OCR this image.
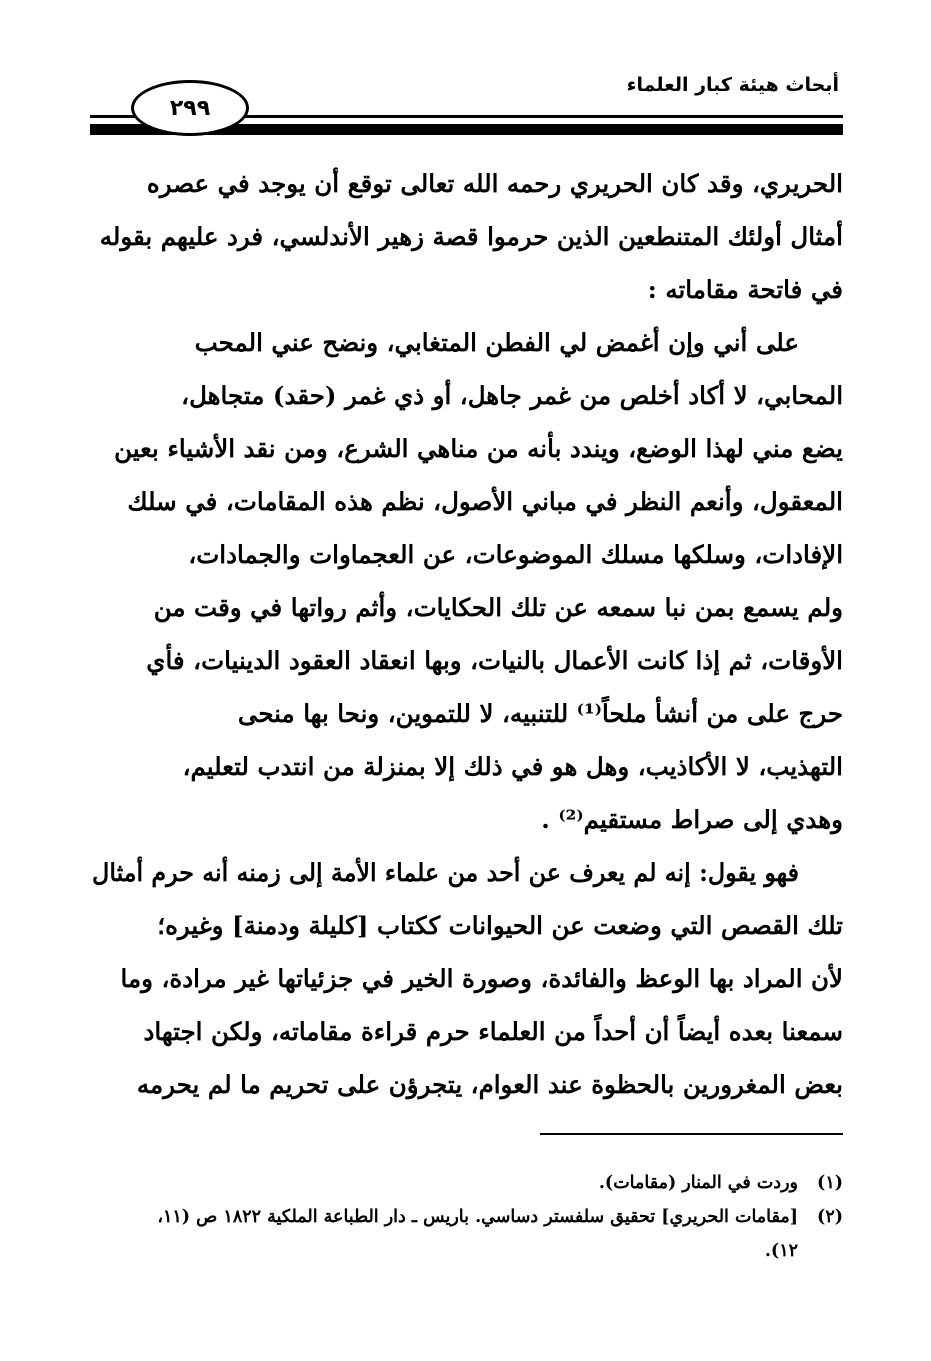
أبحاث هيئة كبار العلماء
٢٩٩
الحريري، وقد كان الحريري رحمه الله تعالى توقع أن يوجد في عصره
أمثال أولئك المتنطعين الذين حرموا قصة زهير الأندلسي، فرد عليهم بقوله
في فاتحة مقاماته :
على أني وإن أغمض لي الفطن المتغابي، ونضح عني المحب
المحابي، لا أكاد أخلص من غمر جاهل، أو ذي غمر (حقد) متجاهل،
يضع مني لهذا الوضع، ويندد بأنه من مناهي الشرع، ومن نقد الأشياء بعين
المعقول، وأنعم النظر في مباني الأصول، نظم هذه المقامات، في سلك
الإفادات، وسلكها مسلك الموضوعات، عن العجماوات والجمادات،
ولم يسمع بمن نبا سمعه عن تلك الحكايات، وأثم رواتها في وقت من
الأوقات، ثم إذا كانت الأعمال بالنيات، وبها انعقاد العقود الدينيات، فأي
حرج على من أنشأ ملحاً⁽¹⁾ للتنبيه، لا للتموين، ونحا بها منحى
التهذيب، لا الأكاذيب، وهل هو في ذلك إلا بمنزلة من انتدب لتعليم،
وهدي إلى صراط مستقيم⁽²⁾ .
فهو يقول: إنه لم يعرف عن أحد من علماء الأمة إلى زمنه أنه حرم أمثال
تلك القصص التي وضعت عن الحيوانات ككتاب [كليلة ودمنة] وغيره؛
لأن المراد بها الوعظ والفائدة، وصورة الخير في جزئياتها غير مرادة، وما
سمعنا بعده أيضاً أن أحداً من العلماء حرم قراءة مقاماته، ولكن اجتهاد
بعض المغرورين بالحظوة عند العوام، يتجرؤن على تحريم ما لم يحرمه
(١)
وردت في المنار (مقامات).
(٢)
[مقامات الحريري] تحقيق سلفستر دساسي. باريس ـ دار الطباعة الملكية ١٨٢٢ ص (١١،
١٢).
